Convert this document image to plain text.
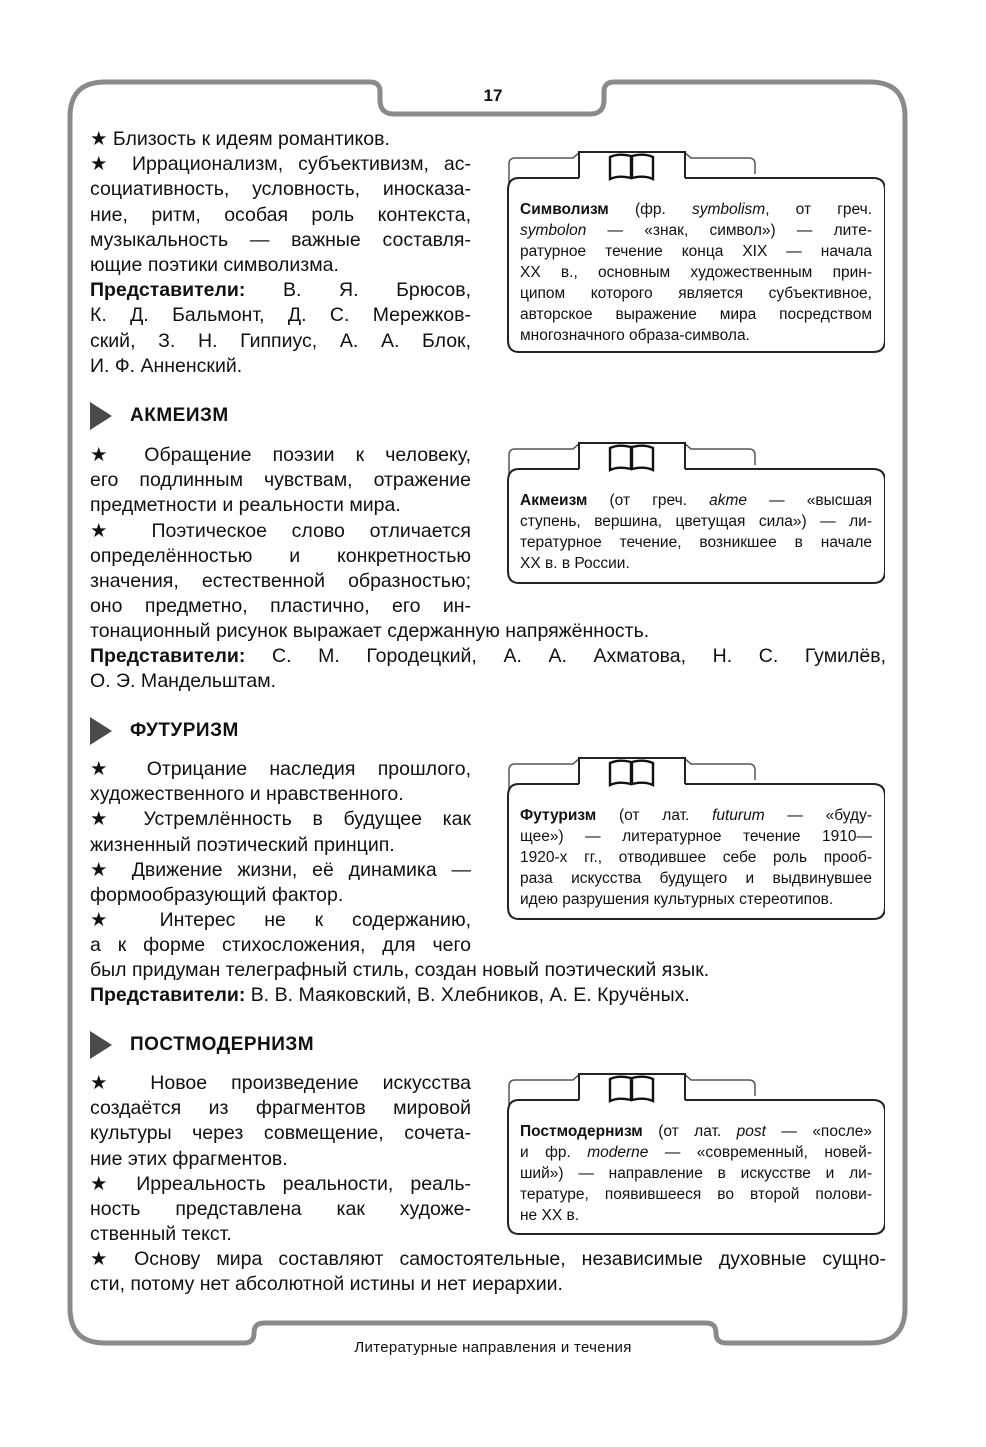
17
Литературные направления и течения

★ Близость к идеям романтиков.

★ Иррационализм, субъективизм, ас-

социативность, условность, иносказа-

ние, ритм, особая роль контекста,

музыкальность — важные составля-

ющие поэтики символизма.

Представители: В. Я. Брюсов,

К. Д. Бальмонт, Д. С. Мережков-

ский, З. Н. Гиппиус, А. А. Блок,

И. Ф. Анненский.

Символизм (фр. symbolism, от греч.

symbolon — «знак, символ») — лите-

ратурное течение конца XIX — начала

XX в., основным художественным прин-

ципом которого является субъективное,

авторское выражение мира посредством

многозначного образа-символа.

АКМЕИЗМ

★ Обращение поэзии к человеку,

его подлинным чувствам, отражение

предметности и реальности мира.

★ Поэтическое слово отличается

определённостью и конкретностью

значения, естественной образностью;

оно предметно, пластично, его ин-

тонационный рисунок выражает сдержанную напряжённость.

Представители: С. М. Городецкий, А. А. Ахматова, Н. С. Гумилёв,

О. Э. Мандельштам.

Акмеизм (от греч. akme — «высшая

ступень, вершина, цветущая сила») — ли-

тературное течение, возникшее в начале

XX в. в России.

ФУТУРИЗМ

★ Отрицание наследия прошлого,

художественного и нравственного.

★ Устремлённость в будущее как

жизненный поэтический принцип.

★ Движение жизни, её динамика —

формообразующий фактор.

★ Интерес не к содержанию,

а к форме стихосложения, для чего

был придуман телеграфный стиль, создан новый поэтический язык.

Представители: В. В. Маяковский, В. Хлебников, А. Е. Кручёных.

Футуризм (от лат. futurum — «буду-

щее») — литературное течение 1910—

1920-х гг., отводившее себе роль прооб-

раза искусства будущего и выдвинувшее

идею разрушения культурных стереотипов.

ПОСТМОДЕРНИЗМ

★ Новое произведение искусства

создаётся из фрагментов мировой

культуры через совмещение, сочета-

ние этих фрагментов.

★ Ирреальность реальности, реаль-

ность представлена как художе-

ственный текст.

★ Основу мира составляют самостоятельные, независимые духовные сущно-

сти, потому нет абсолютной истины и нет иерархии.

Постмодернизм (от лат. post — «после»

и фр. moderne — «современный, новей-

ший») — направление в искусстве и ли-

тературе, появившееся во второй полови-

не XX в.
